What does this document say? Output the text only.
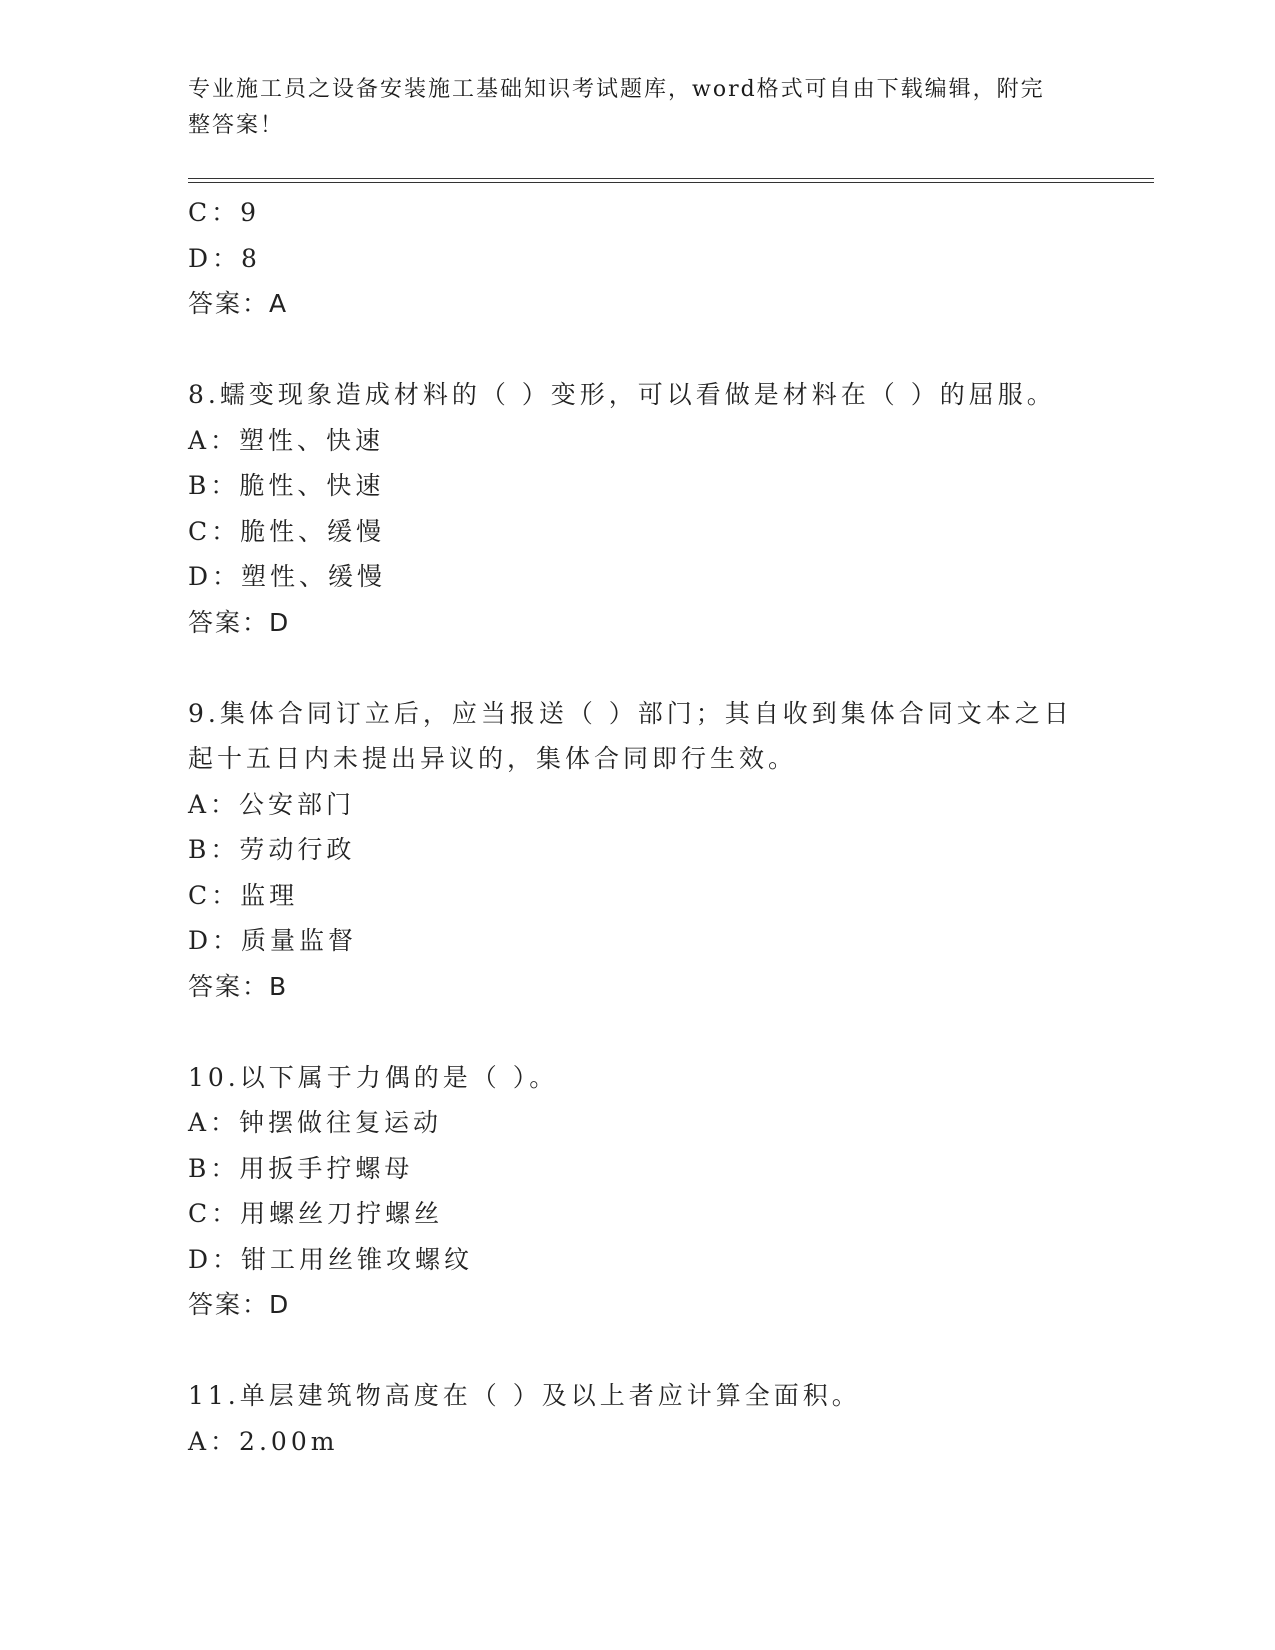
专业施工员之设备安装施工基础知识考试题库，word格式可自由下载编辑，附完整答案！
C：9
D：8
答案：A
8.蠕变现象造成材料的（ ）变形，可以看做是材料在（ ）的屈服。
A：塑性、快速
B：脆性、快速
C：脆性、缓慢
D：塑性、缓慢
答案：D
9.集体合同订立后，应当报送（ ）部门；其自收到集体合同文本之日
起十五日内未提出异议的，集体合同即行生效。
A：公安部门
B：劳动行政
C：监理
D：质量监督
答案：B
10.以下属于力偶的是（ ）。
A：钟摆做往复运动
B：用扳手拧螺母
C：用螺丝刀拧螺丝
D：钳工用丝锥攻螺纹
答案：D
11.单层建筑物高度在（ ）及以上者应计算全面积。
A：2.00m
